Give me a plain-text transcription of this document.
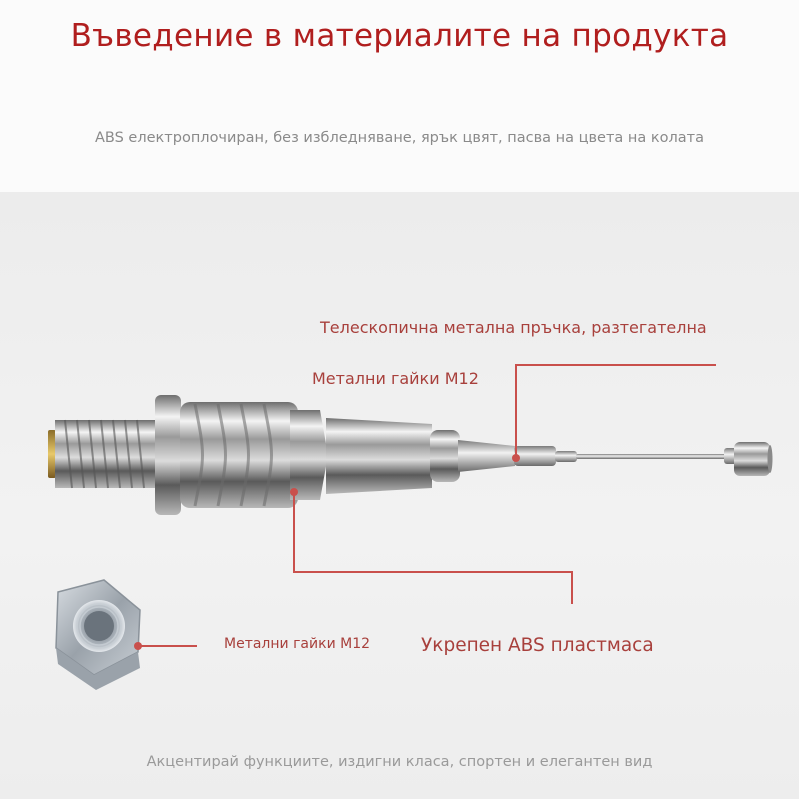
Въведение в материалите на продукта
ABS електроплочиран, без избледняване, ярък цвят, пасва на цвета на колата
Телескопична метална пръчка, разтегателна
Метални гайки M12
Метални гайки M12	Укрепен ABS пластмаса
Акцентирай функциите, издигни класа, спортен и елегантен вид
